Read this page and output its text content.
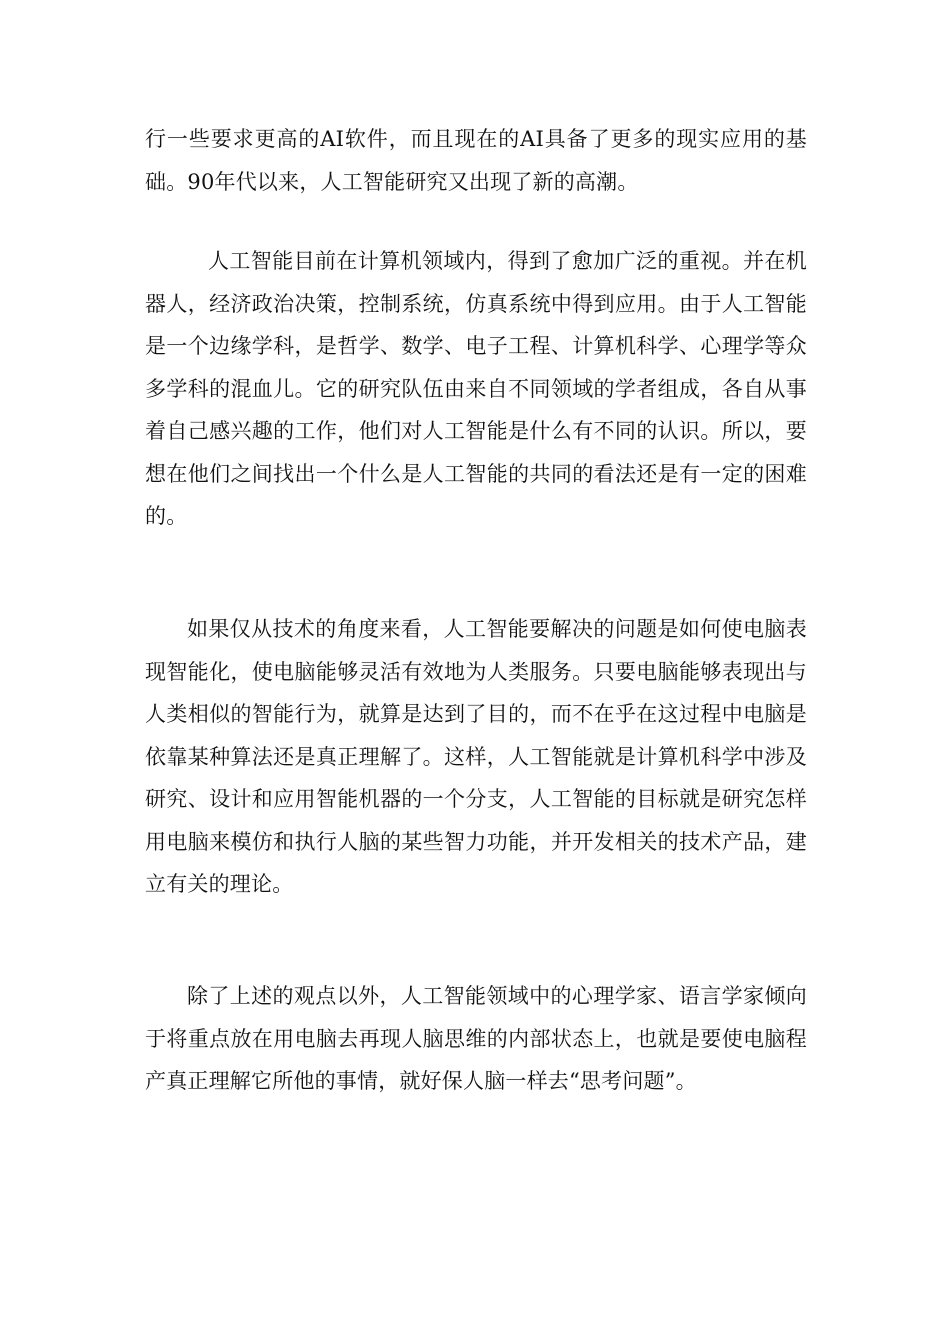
行一些要求更高的AI软件，而且现在的AI具备了更多的现实应用的基础。90年代以来，人工智能研究又出现了新的高潮。

人工智能目前在计算机领域内，得到了愈加广泛的重视。并在机器人，经济政治决策，控制系统，仿真系统中得到应用。由于人工智能是一个边缘学科，是哲学、数学、电子工程、计算机科学、心理学等众多学科的混血儿。它的研究队伍由来自不同领域的学者组成，各自从事着自己感兴趣的工作，他们对人工智能是什么有不同的认识。所以，要想在他们之间找出一个什么是人工智能的共同的看法还是有一定的困难的。

如果仅从技术的角度来看，人工智能要解决的问题是如何使电脑表现智能化，使电脑能够灵活有效地为人类服务。只要电脑能够表现出与人类相似的智能行为，就算是达到了目的，而不在乎在这过程中电脑是依靠某种算法还是真正理解了。这样，人工智能就是计算机科学中涉及研究、设计和应用智能机器的一个分支，人工智能的目标就是研究怎样用电脑来模仿和执行人脑的某些智力功能，并开发相关的技术产品，建立有关的理论。

除了上述的观点以外，人工智能领域中的心理学家、语言学家倾向于将重点放在用电脑去再现人脑思维的内部状态上，也就是要使电脑程产真正理解它所他的事情，就好保人脑一样去“思考问题”。
